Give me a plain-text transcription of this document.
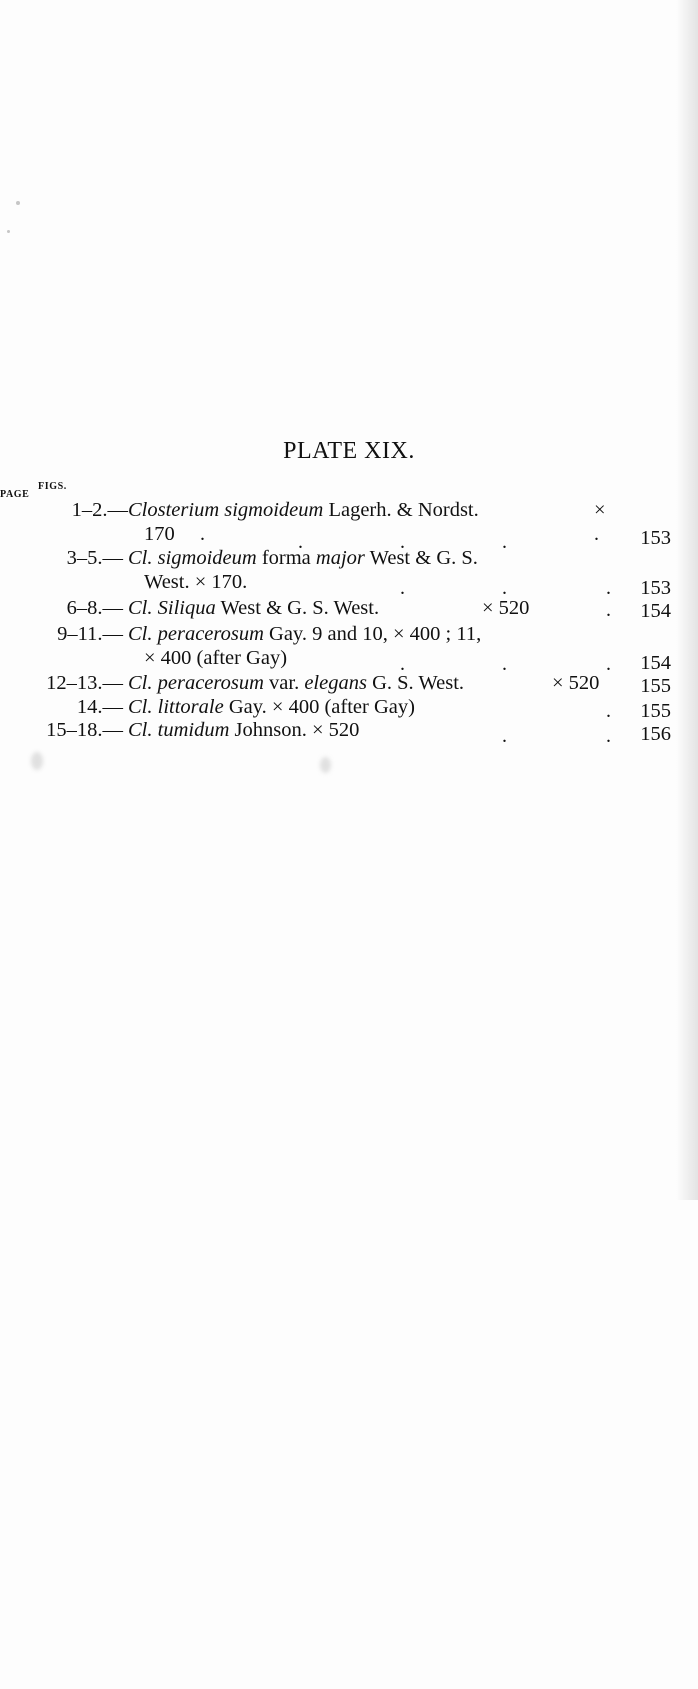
PLATE XIX.
FIGS.
PAGE
1–2.— Closterium sigmoideum Lagerh. & Nordst.	×
170 .	.	.	.	. 153
3–5.— Cl. sigmoideum forma major West & G. S.
West. × 170.	.	.	. 153
6–8.— Cl. Siliqua West & G. S. West.	× 520	. 154
9–11.— Cl. peracerosum Gay. 9 and 10, × 400 ; 11,
× 400 (after Gay)	.	.	. 154
12–13.— Cl. peracerosum var. elegans G. S. West.	× 520 155
14.— Cl. littorale Gay. × 400 (after Gay)	. 155
15–18.— Cl. tumidum Johnson. × 520	.	. 156
